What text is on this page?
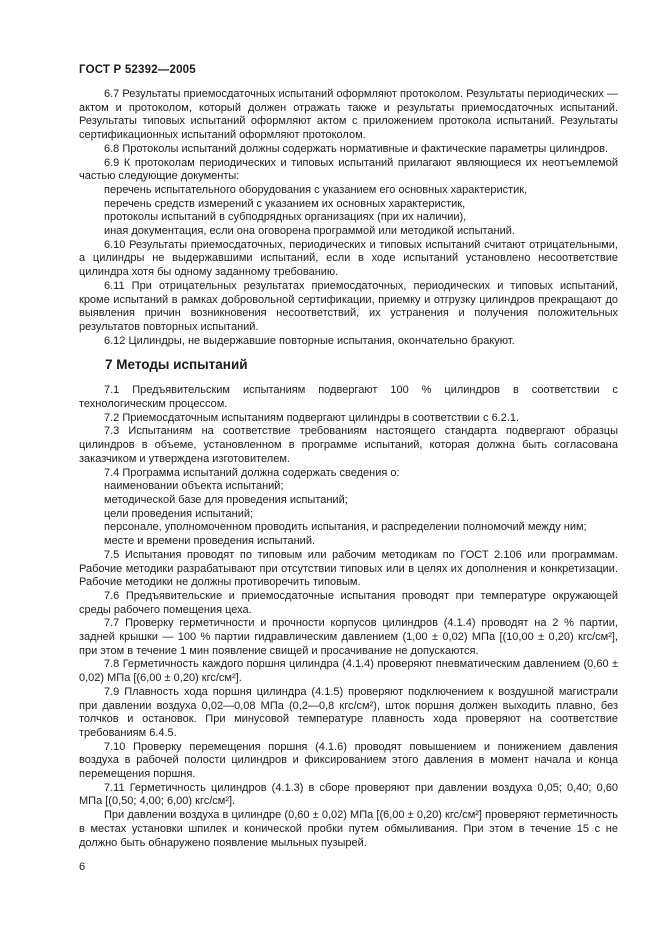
ГОСТ Р 52392—2005

6.7 Результаты приемосдаточных испытаний оформляют протоколом. Результаты периодических — актом и протоколом, который должен отражать также и результаты приемосдаточных испытаний. Результаты типовых испытаний оформляют актом с приложением протокола испытаний. Результаты сертификационных испытаний оформляют протоколом.

6.8 Протоколы испытаний должны содержать нормативные и фактические параметры цилиндров.

6.9 К протоколам периодических и типовых испытаний прилагают являющиеся их неотъемлемой частью следующие документы:

перечень испытательного оборудования с указанием его основных характеристик,

перечень средств измерений с указанием их основных характеристик,

протоколы испытаний в субподрядных организациях (при их наличии),

иная документация, если она оговорена программой или методикой испытаний.

6.10 Результаты приемосдаточных, периодических и типовых испытаний считают отрицательными, а цилиндры не выдержавшими испытаний, если в ходе испытаний установлено несоответствие цилиндра хотя бы одному заданному требованию.

6.11 При отрицательных результатах приемосдаточных, периодических и типовых испытаний, кроме испытаний в рамках добровольной сертификации, приемку и отгрузку цилиндров прекращают до выявления причин возникновения несоответствий, их устранения и получения положительных результатов повторных испытаний.

6.12 Цилиндры, не выдержавшие повторные испытания, окончательно бракуют.

7 Методы испытаний

7.1 Предъявительским испытаниям подвергают 100 % цилиндров в соответствии с технологическим процессом.

7.2 Приемосдаточным испытаниям подвергают цилиндры в соответствии с 6.2.1.

7.3 Испытаниям на соответствие требованиям настоящего стандарта подвергают образцы цилиндров в объеме, установленном в программе испытаний, которая должна быть согласована заказчиком и утверждена изготовителем.

7.4 Программа испытаний должна содержать сведения о:

наименовании объекта испытаний;

методической базе для проведения испытаний;

цели проведения испытаний;

персонале, уполномоченном проводить испытания, и распределении полномочий между ним;

месте и времени проведения испытаний.

7.5 Испытания проводят по типовым или рабочим методикам по ГОСТ 2.106 или программам. Рабочие методики разрабатывают при отсутствии типовых или в целях их дополнения и конкретизации. Рабочие методики не должны противоречить типовым.

7.6 Предъявительские и приемосдаточные испытания проводят при температуре окружающей среды рабочего помещения цеха.

7.7 Проверку герметичности и прочности корпусов цилиндров (4.1.4) проводят на 2 % партии, задней крышки — 100 % партии гидравлическим давлением (1,00 ± 0,02) МПа [(10,00 ± 0,20) кгс/см²], при этом в течение 1 мин появление свищей и просачивание не допускаются.

7.8 Герметичность каждого поршня цилиндра (4.1.4) проверяют пневматическим давлением (0,60 ± 0,02) МПа [(6,00 ± 0,20) кгс/см²].

7.9 Плавность хода поршня цилиндра (4.1.5) проверяют подключением к воздушной магистрали при давлении воздуха 0,02—0,08 МПа (0,2—0,8 кгс/см²), шток поршня должен выходить плавно, без толчков и остановок. При минусовой температуре плавность хода проверяют на соответствие требованиям 6.4.5.

7.10 Проверку перемещения поршня (4.1.6) проводят повышением и понижением давления воздуха в рабочей полости цилиндров и фиксированием этого давления в момент начала и конца перемещения поршня.

7.11 Герметичность цилиндров (4.1.3) в сборе проверяют при давлении воздуха 0,05; 0,40; 0,60 МПа [(0,50; 4,00; 6,00) кгс/см²].

При давлении воздуха в цилиндре (0,60 ± 0,02) МПа [(6,00 ± 0,20) кгс/см²] проверяют герметичность в местах установки шпилек и конической пробки путем обмыливания. При этом в течение 15 с не должно быть обнаружено появление мыльных пузырей.

6
